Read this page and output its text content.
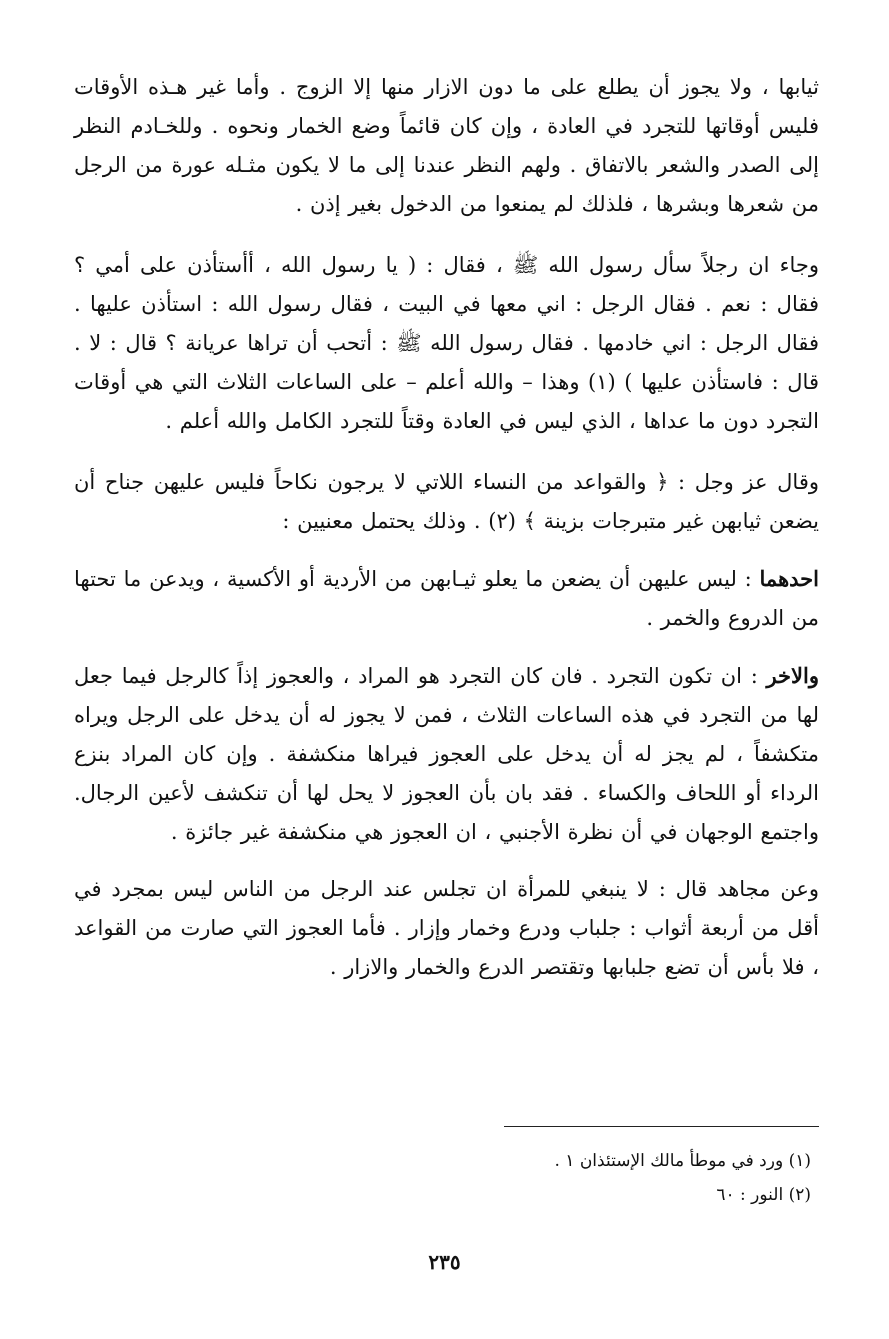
ثيابها ، ولا يجوز أن يطلع على ما دون الازار منها إلا الزوج . وأما غير هـذه الأوقات فليس أوقاتها للتجرد في العادة ، وإن كان قائماً وضع الخمار ونحوه . وللخـادم النظر إلى الصدر والشعر بالاتفاق . ولهم النظر عندنا إلى ما لا يكون مثـله عورة من الرجل من شعرها وبشرها ، فلذلك لم يمنعوا من الدخول بغير إذن .

وجاء ان رجلاً سأل رسول الله ﷺ ، فقال : ( يا رسول الله ، أأستأذن على أمي ؟ فقال : نعم . فقال الرجل : اني معها في البيت ، فقال رسول الله : استأذن عليها . فقال الرجل : اني خادمها . فقال رسول الله ﷺ : أتحب أن تراها عريانة ؟ قال : لا . قال : فاستأذن عليها ) (١) وهذا – والله أعلم – على الساعات الثلاث التي هي أوقات التجرد دون ما عداها ، الذي ليس في العادة وقتاً للتجرد الكامل والله أعلم .

وقال عز وجل : ﴿ والقواعد من النساء اللاتي لا يرجون نكاحاً فليس عليهن جناح أن يضعن ثيابهن غير متبرجات بزينة ﴾ (٢) . وذلك يحتمل معنيين :

احدهما : ليس عليهن أن يضعن ما يعلو ثيـابهن من الأردية أو الأكسية ، ويدعن ما تحتها من الدروع والخمر .

والاخر : ان تكون التجرد . فان كان التجرد هو المراد ، والعجوز إذاً كالرجل فيما جعل لها من التجرد في هذه الساعات الثلاث ، فمن لا يجوز له أن يدخل على الرجل ويراه متكشفاً ، لم يجز له أن يدخل على العجوز فيراها منكشفة . وإن كان المراد بنزع الرداء أو اللحاف والكساء . فقد بان بأن العجوز لا يحل لها أن تنكشف لأعين الرجال. واجتمع الوجهان في أن نظرة الأجنبي ، ان العجوز هي منكشفة غير جائزة .

وعن مجاهد قال : لا ينبغي للمرأة ان تجلس عند الرجل من الناس ليس بمجرد في أقل من أربعة أثواب : جلباب ودرع وخمار وإزار . فأما العجوز التي صارت من القواعد ، فلا بأس أن تضع جلبابها وتقتصر الدرع والخمار والازار .

(١) ورد في موطأ مالك الإستئذان ١ .

(٢) النور : ٦٠

٢٣٥
